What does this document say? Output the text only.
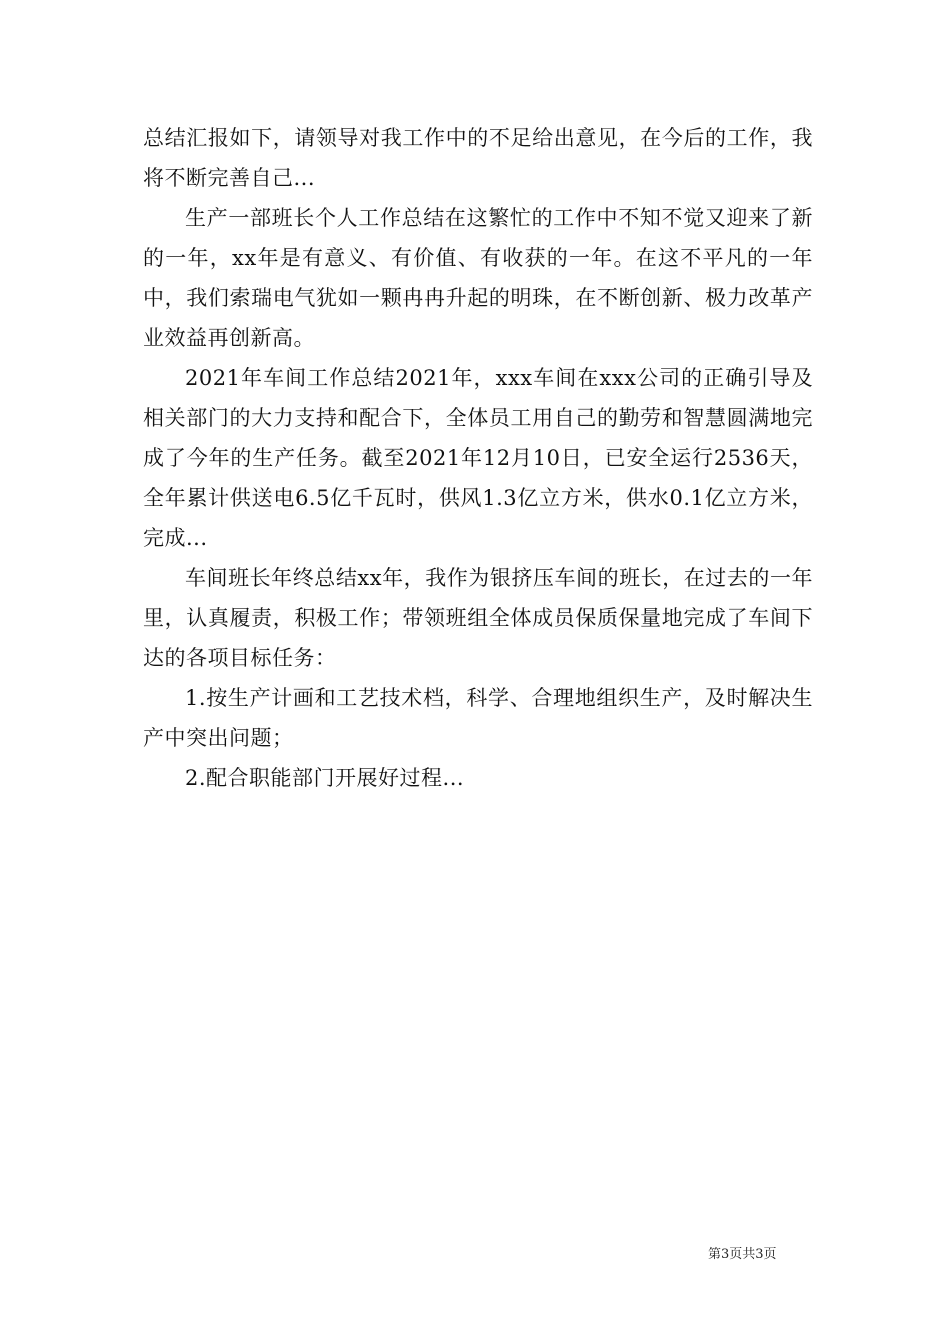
总结汇报如下，请领导对我工作中的不足给出意见，在今后的工作，我将不断完善自己...

生产一部班长个人工作总结在这繁忙的工作中不知不觉又迎来了新的一年，xx年是有意义、有价值、有收获的一年。在这不平凡的一年中，我们索瑞电气犹如一颗冉冉升起的明珠，在不断创新、极力改革产业效益再创新高。

2021年车间工作总结2021年，xxx车间在xxx公司的正确引导及相关部门的大力支持和配合下，全体员工用自己的勤劳和智慧圆满地完成了今年的生产任务。截至2021年12月10日，已安全运行2536天，全年累计供送电6.5亿千瓦时，供风1.3亿立方米，供水0.1亿立方米，完成...

车间班长年终总结xx年，我作为银挤压车间的班长，在过去的一年里，认真履责，积极工作；带领班组全体成员保质保量地完成了车间下达的各项目标任务：

1.按生产计画和工艺技术档，科学、合理地组织生产，及时解决生产中突出问题；

2.配合职能部门开展好过程...

第3页共3页
